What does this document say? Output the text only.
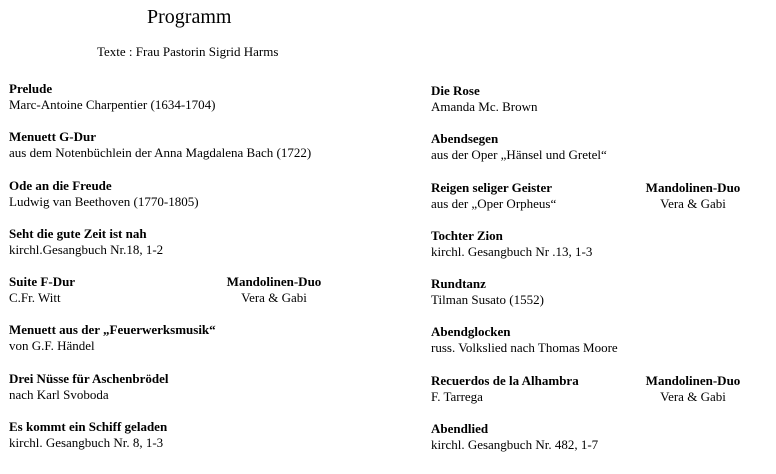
Programm
Texte : Frau Pastorin Sigrid Harms
Prelude
Marc-Antoine Charpentier (1634-1704)
Menuett G-Dur
aus dem Notenbüchlein der Anna Magdalena Bach (1722)
Ode an die Freude
Ludwig van Beethoven (1770-1805)
Seht die gute Zeit ist nah
kirchl.Gesangbuch Nr.18, 1-2
Suite F-Dur
C.Fr. Witt
Mandolinen-Duo
Vera & Gabi
Menuett aus der „Feuerwerksmusik“
von G.F. Händel
Drei Nüsse für Aschenbrödel
nach Karl Svoboda
Es kommt ein Schiff geladen
kirchl. Gesangbuch Nr. 8, 1-3
Die Rose
Amanda Mc. Brown
Abendsegen
aus der Oper „Hänsel und Gretel“
Reigen seliger Geister
aus der „Oper Orpheus“
Mandolinen-Duo
Vera & Gabi
Tochter Zion
kirchl. Gesangbuch Nr .13, 1-3
Rundtanz
Tilman Susato (1552)
Abendglocken
russ. Volkslied nach Thomas Moore
Recuerdos de la Alhambra
F. Tarrega
Mandolinen-Duo
Vera & Gabi
Abendlied
kirchl. Gesangbuch Nr. 482, 1-7
